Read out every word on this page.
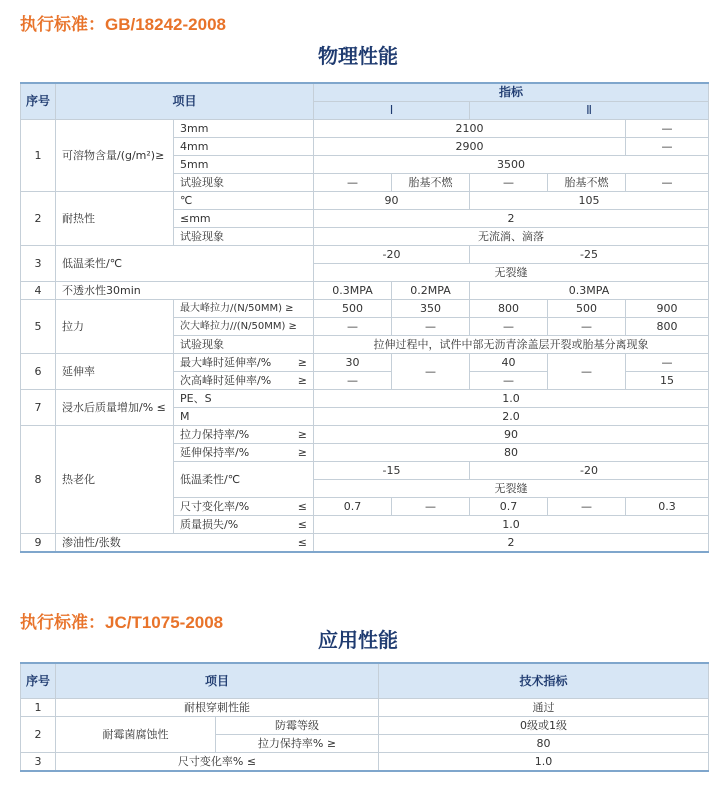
执行标准：GB/18242-2008
物理性能
序号	项目		指标				
			Ⅰ		Ⅱ		
1	可溶物含量/(g/m²)≥	3mm	2100				—
		4mm	2900				—
		5mm	3500				
		试验现象	—	胎基不燃	—	胎基不燃	—
2	耐热性	℃	90		105		
		≤mm	2				
		试验现象	无流淌、滴落				
3	低温柔性/℃		-20		-25		
			无裂缝				
4	不透水性30min		0.3MPA	0.2MPA	0.3MPA		
5	拉力	最大峰拉力/(N/50MM) ≥	500	350	800	500	900
		次大峰拉力//(N/50MM) ≥	—	—	—	—	800
		试验现象	拉伸过程中，试件中部无沥青涂盖层开裂或胎基分离现象				
6	延伸率	最大峰时延伸率/% ≥	30	—	40	—	—
		次高峰时延伸率/% ≥	—		—		15
7	浸水后质量增加/% ≤	PE、S	1.0				
		M	2.0				
8	热老化	拉力保持率/% ≥	90				
		延伸保持率/% ≥	80				
		低温柔性/℃	-15		-20		
			无裂缝				
		尺寸变化率/% ≤	0.7	—	0.7	—	0.3
		质量损失/% ≤	1.0				
9	渗油性/张数 ≤		2				
执行标准：JC/T1075-2008
应用性能
序号	项目		技术指标
1	耐根穿刺性能		通过
2	耐霉菌腐蚀性	防霉等级	0级或1级
		拉力保持率% ≥	80
3	尺寸变化率% ≤		1.0
